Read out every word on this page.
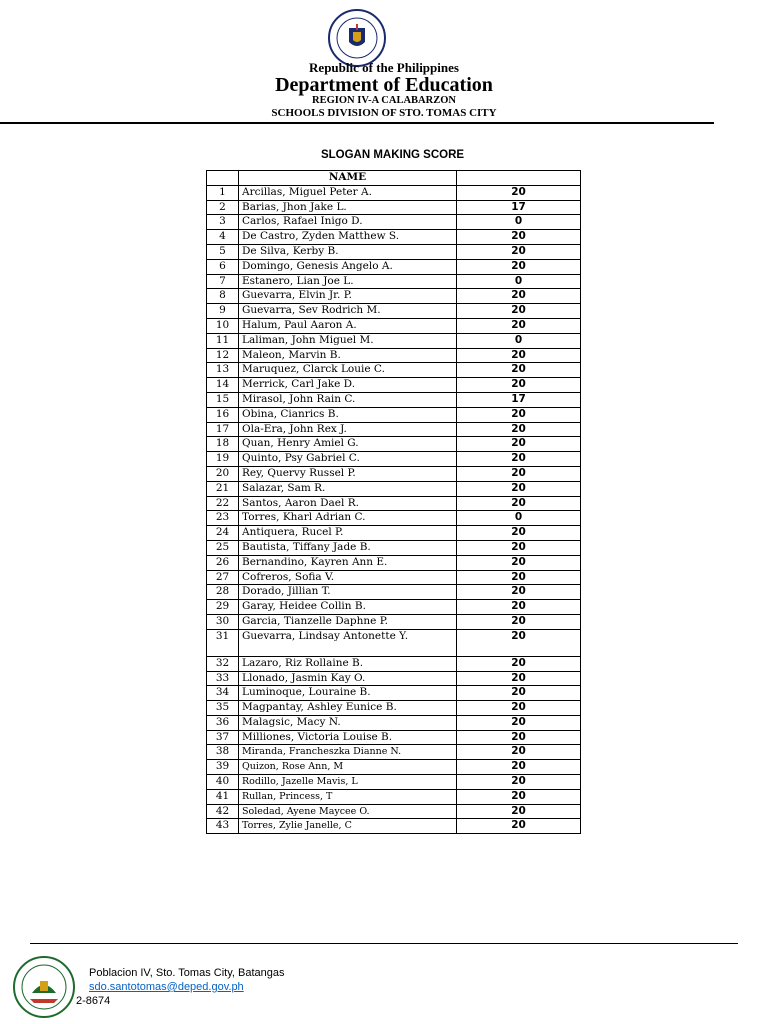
Republic of the Philippines
Department of Education
REGION IV-A CALABARZON
SCHOOLS DIVISION OF STO. TOMAS CITY
SLOGAN MAKING SCORE
	NAME	
1	Arcillas, Miguel Peter A.	20
2	Barias, Jhon Jake L.	17
3	Carlos, Rafael Inigo D.	0
4	De Castro, Zyden Matthew S.	20
5	De Silva, Kerby B.	20
6	Domingo, Genesis Angelo A.	20
7	Estanero, Lian Joe L.	0
8	Guevarra, Elvin Jr. P.	20
9	Guevarra, Sev Rodrich M.	20
10	Halum, Paul Aaron A.	20
11	Laliman, John Miguel M.	0
12	Maleon, Marvin B.	20
13	Maruquez, Clarck Louie C.	20
14	Merrick, Carl Jake D.	20
15	Mirasol, John Rain C.	17
16	Obina, Cianrics B.	20
17	Ola-Era, John Rex J.	20
18	Quan, Henry Amiel G.	20
19	Quinto, Psy Gabriel C.	20
20	Rey, Quervy Russel P.	20
21	Salazar, Sam R.	20
22	Santos, Aaron Dael R.	20
23	Torres, Kharl Adrian C.	0
24	Antiquera, Rucel P.	20
25	Bautista, Tiffany Jade B.	20
26	Bernandino, Kayren Ann E.	20
27	Cofreros, Sofia V.	20
28	Dorado, Jillian T.	20
29	Garay, Heidee Collin B.	20
30	Garcia, Tianzelle Daphne P.	20
31	Guevarra, Lindsay Antonette Y.	20
32	Lazaro, Riz Rollaine B.	20
33	Llonado, Jasmin Kay O.	20
34	Luminoque, Louraine B.	20
35	Magpantay, Ashley Eunice B.	20
36	Malagsic, Macy N.	20
37	Milliones, Victoria Louise B.	20
38	Miranda, Francheszka Dianne N.	20
39	Quizon, Rose Ann, M	20
40	Rodillo, Jazelle Mavis, L	20
41	Rullan, Princess, T	20
42	Soledad, Ayene Maycee O.	20
43	Torres, Zylie Janelle, C	20
Poblacion IV, Sto. Tomas City, Batangas
sdo.santotomas@deped.gov.ph
2-8674
